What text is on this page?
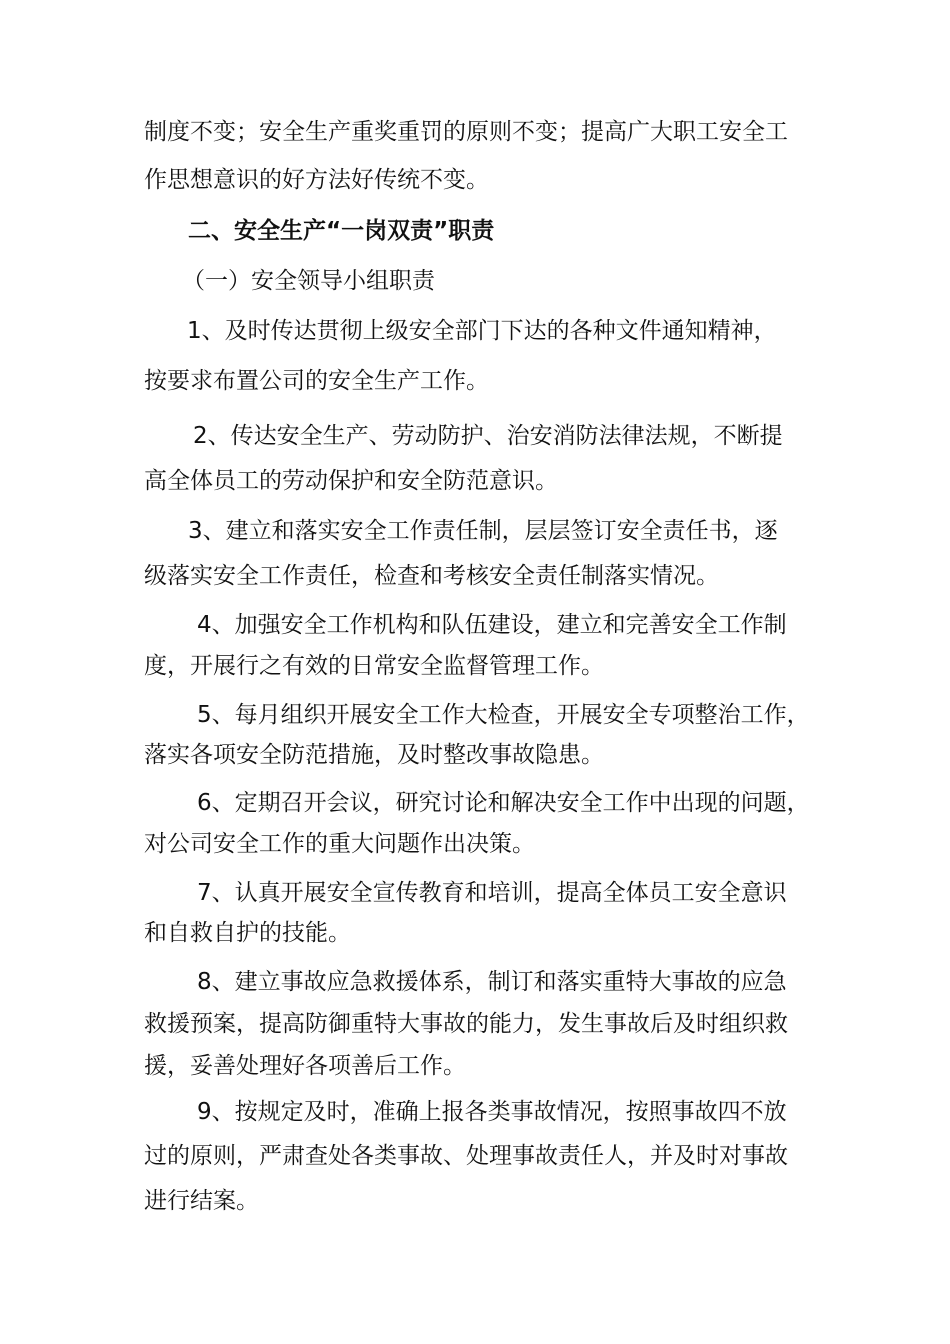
制度不变；安全生产重奖重罚的原则不变；提高广大职工安全工
作思想意识的好方法好传统不变。
二、安全生产“一岗双责”职责
（一）安全领导小组职责
1、及时传达贯彻上级安全部门下达的各种文件通知精神，
按要求布置公司的安全生产工作。
2、传达安全生产、劳动防护、治安消防法律法规，不断提
高全体员工的劳动保护和安全防范意识。
3、建立和落实安全工作责任制，层层签订安全责任书，逐
级落实安全工作责任，检查和考核安全责任制落实情况。
4、加强安全工作机构和队伍建设，建立和完善安全工作制
度，开展行之有效的日常安全监督管理工作。
5、每月组织开展安全工作大检查，开展安全专项整治工作，
落实各项安全防范措施，及时整改事故隐患。
6、定期召开会议，研究讨论和解决安全工作中出现的问题，
对公司安全工作的重大问题作出决策。
7、认真开展安全宣传教育和培训，提高全体员工安全意识
和自救自护的技能。
8、建立事故应急救援体系，制订和落实重特大事故的应急
救援预案，提高防御重特大事故的能力，发生事故后及时组织救
援，妥善处理好各项善后工作。
9、按规定及时，准确上报各类事故情况，按照事故四不放
过的原则，严肃查处各类事故、处理事故责任人，并及时对事故
进行结案。
